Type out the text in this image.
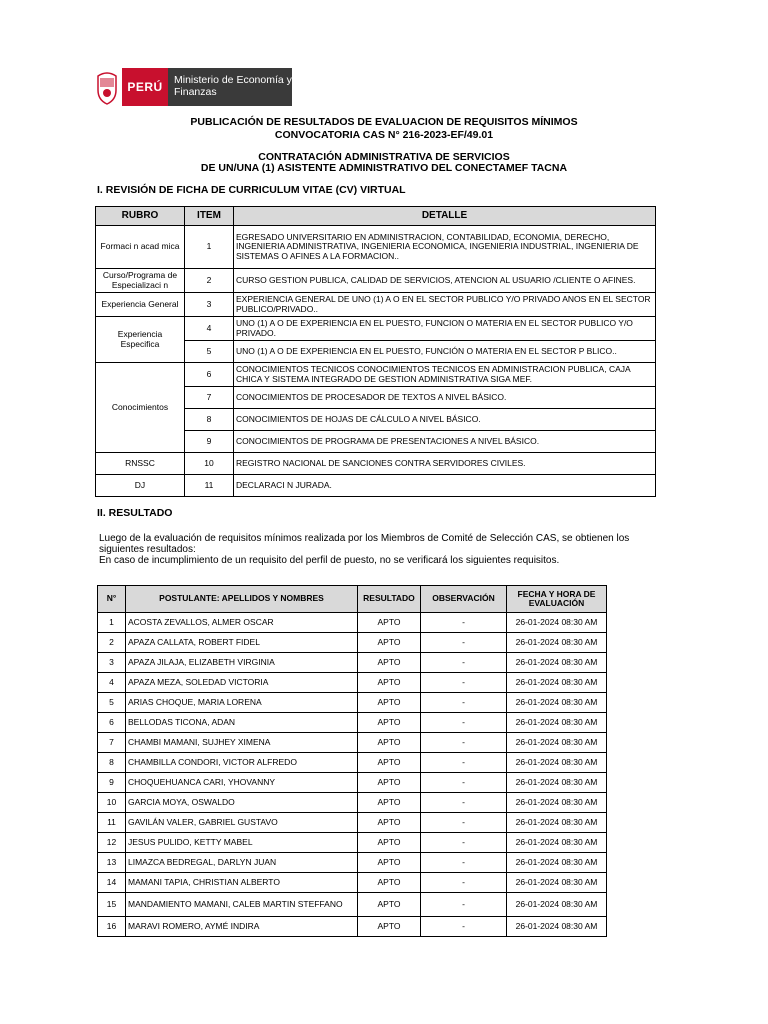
PERÚ	Ministerio de Economía y Finanzas
PUBLICACIÓN DE RESULTADOS DE EVALUACION DE REQUISITOS MÍNIMOS
CONVOCATORIA CAS N° 216-2023-EF/49.01
CONTRATACIÓN ADMINISTRATIVA DE SERVICIOS
DE UN/UNA (1) ASISTENTE ADMINISTRATIVO DEL CONECTAMEF TACNA
I. REVISIÓN DE FICHA DE CURRICULUM VITAE (CV) VIRTUAL
RUBRO	ITEM	DETALLE
Formaci n acad mica	1	EGRESADO UNIVERSITARIO EN ADMINISTRACION, CONTABILIDAD, ECONOMIA, DERECHO, INGENIERIA ADMINISTRATIVA, INGENIERIA ECONOMICA, INGENIERIA INDUSTRIAL, INGENIERIA DE SISTEMAS O AFINES A LA FORMACION..
Curso/Programa de Especializaci n	2	CURSO GESTION PUBLICA, CALIDAD DE SERVICIOS, ATENCION AL USUARIO /CLIENTE O AFINES.
Experiencia General	3	EXPERIENCIA GENERAL DE UNO (1) A O EN EL SECTOR PUBLICO Y/O PRIVADO ANOS EN EL SECTOR PUBLICO/PRIVADO..
Experiencia Especifica	4	UNO (1) A O DE EXPERIENCIA EN EL PUESTO, FUNCION O MATERIA EN EL SECTOR PUBLICO Y/O PRIVADO.
	5	UNO (1) A O DE EXPERIENCIA EN EL PUESTO, FUNCIÓN O MATERIA EN EL SECTOR P BLICO..
Conocimientos	6	CONOCIMIENTOS TECNICOS CONOCIMIENTOS TECNICOS EN ADMINISTRACION PUBLICA, CAJA CHICA Y SISTEMA INTEGRADO DE GESTION ADMINISTRATIVA SIGA MEF.
	7	CONOCIMIENTOS DE PROCESADOR DE TEXTOS A NIVEL BÁSICO.
	8	CONOCIMIENTOS DE HOJAS DE CÁLCULO A NIVEL BÁSICO.
	9	CONOCIMIENTOS DE PROGRAMA DE PRESENTACIONES A NIVEL BÁSICO.
RNSSC	10	REGISTRO NACIONAL DE SANCIONES CONTRA SERVIDORES CIVILES.
DJ	11	DECLARACI N JURADA.
II. RESULTADO
Luego de la evaluación de requisitos mínimos realizada por los Miembros de Comité de Selección CAS, se obtienen los siguientes resultados:
En caso de incumplimiento de un requisito del perfil de puesto, no se verificará los siguientes requisitos.
N°	POSTULANTE: APELLIDOS Y NOMBRES	RESULTADO	OBSERVACIÓN	FECHA Y HORA DE EVALUACIÓN
1	ACOSTA ZEVALLOS, ALMER OSCAR	APTO	-	26-01-2024 08:30 AM
2	APAZA CALLATA, ROBERT FIDEL	APTO	-	26-01-2024 08:30 AM
3	APAZA JILAJA, ELIZABETH VIRGINIA	APTO	-	26-01-2024 08:30 AM
4	APAZA MEZA, SOLEDAD VICTORIA	APTO	-	26-01-2024 08:30 AM
5	ARIAS CHOQUE, MARIA LORENA	APTO	-	26-01-2024 08:30 AM
6	BELLODAS TICONA, ADAN	APTO	-	26-01-2024 08:30 AM
7	CHAMBI MAMANI, SUJHEY XIMENA	APTO	-	26-01-2024 08:30 AM
8	CHAMBILLA CONDORI, VICTOR ALFREDO	APTO	-	26-01-2024 08:30 AM
9	CHOQUEHUANCA CARI, YHOVANNY	APTO	-	26-01-2024 08:30 AM
10	GARCIA MOYA, OSWALDO	APTO	-	26-01-2024 08:30 AM
11	GAVILÁN VALER, GABRIEL GUSTAVO	APTO	-	26-01-2024 08:30 AM
12	JESUS PULIDO, KETTY MABEL	APTO	-	26-01-2024 08:30 AM
13	LIMAZCA BEDREGAL, DARLYN JUAN	APTO	-	26-01-2024 08:30 AM
14	MAMANI TAPIA, CHRISTIAN ALBERTO	APTO	-	26-01-2024 08:30 AM
15	MANDAMIENTO MAMANI, CALEB MARTIN STEFFANO	APTO	-	26-01-2024 08:30 AM
16	MARAVI ROMERO, AYMÉ INDIRA	APTO	-	26-01-2024 08:30 AM
